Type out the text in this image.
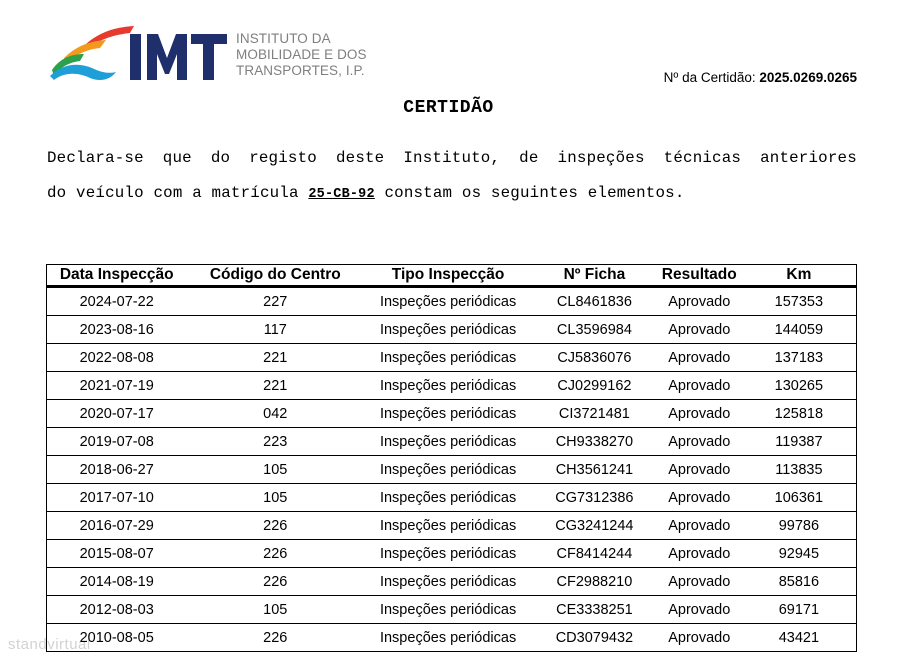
INSTITUTO DA
MOBILIDADE E DOS
TRANSPORTES, I.P.	Nº da Certidão: 2025.0269.0265
CERTIDÃO
Declara-se que do registo deste Instituto, de inspeções técnicas anteriores
do veículo com a matrícula 25-CB-92 constam os seguintes elementos.
Data Inspecção	Código do Centro	Tipo Inspecção	Nº Ficha	Resultado	Km
2024-07-22	227	Inspeções periódicas	CL8461836	Aprovado	157353
2023-08-16	117	Inspeções periódicas	CL3596984	Aprovado	144059
2022-08-08	221	Inspeções periódicas	CJ5836076	Aprovado	137183
2021-07-19	221	Inspeções periódicas	CJ0299162	Aprovado	130265
2020-07-17	042	Inspeções periódicas	CI3721481	Aprovado	125818
2019-07-08	223	Inspeções periódicas	CH9338270	Aprovado	119387
2018-06-27	105	Inspeções periódicas	CH3561241	Aprovado	113835
2017-07-10	105	Inspeções periódicas	CG7312386	Aprovado	106361
2016-07-29	226	Inspeções periódicas	CG3241244	Aprovado	99786
2015-08-07	226	Inspeções periódicas	CF8414244	Aprovado	92945
2014-08-19	226	Inspeções periódicas	CF2988210	Aprovado	85816
2012-08-03	105	Inspeções periódicas	CE3338251	Aprovado	69171
2010-08-05	226	Inspeções periódicas	CD3079432	Aprovado	43421
standvirtual
